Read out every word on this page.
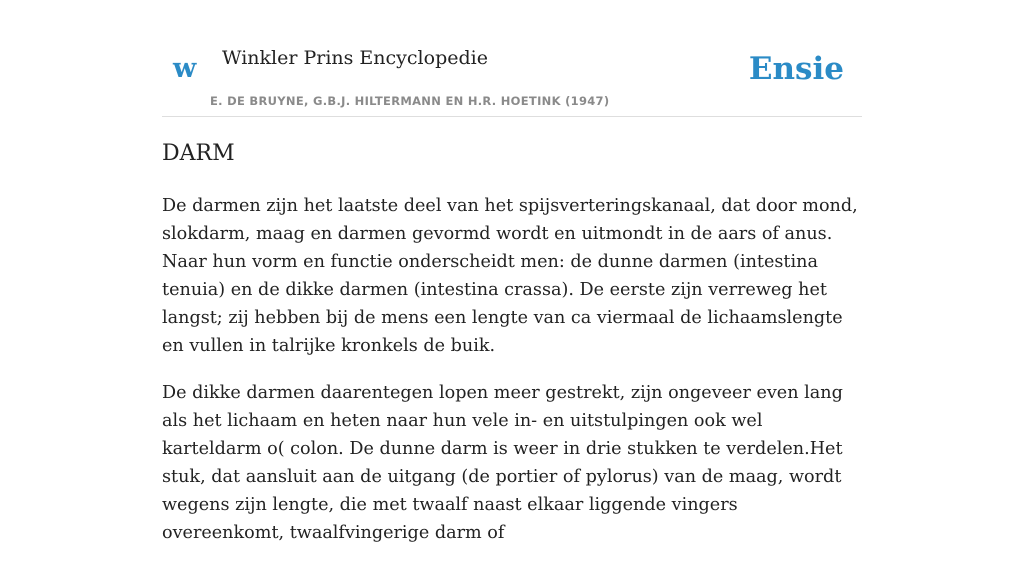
w Winkler Prins Encyclopedie
E. DE BRUYNE, G.B.J. HILTERMANN EN H.R. HOETINK (1947)
Ensie
DARM

De darmen zijn het laatste deel van het spijsverteringskanaal, dat door mond, slokdarm, maag en darmen gevormd wordt en uitmondt in de aars of anus. Naar hun vorm en functie onderscheidt men: de dunne darmen (intestina tenuia) en de dikke darmen (intestina crassa). De eerste zijn verreweg het langst; zij hebben bij de mens een lengte van ca viermaal de lichaamslengte en vullen in talrijke kronkels de buik.

De dikke darmen daarentegen lopen meer gestrekt, zijn ongeveer even lang als het lichaam en heten naar hun vele in- en uitstulpingen ook wel karteldarm o( colon. De dunne darm is weer in drie stukken te verdelen.Het stuk, dat aansluit aan de uitgang (de portier of pylorus) van de maag, wordt wegens zijn lengte, die met twaalf naast elkaar liggende vingers overeenkomt, twaalfvingerige darm of
